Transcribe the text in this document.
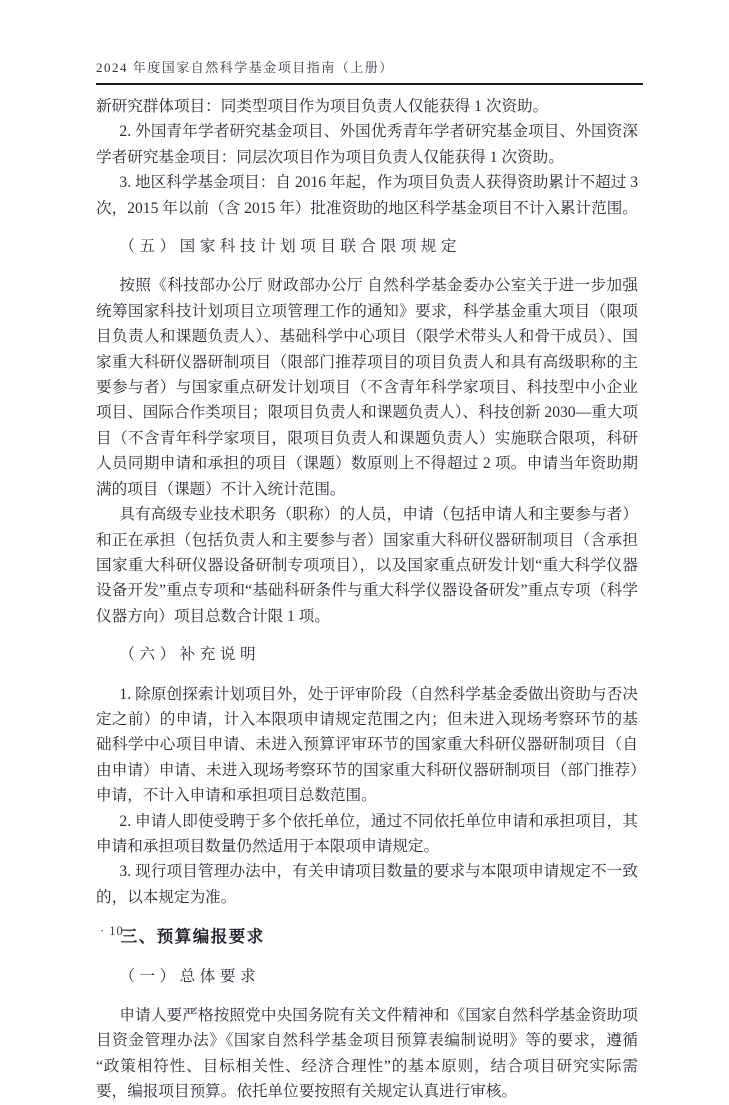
2024 年度国家自然科学基金项目指南（上册）

新研究群体项目：同类型项目作为项目负责人仅能获得 1 次资助。

2. 外国青年学者研究基金项目、外国优秀青年学者研究基金项目、外国资深学者研究基金项目：同层次项目作为项目负责人仅能获得 1 次资助。

3. 地区科学基金项目：自 2016 年起，作为项目负责人获得资助累计不超过 3 次，2015 年以前（含 2015 年）批准资助的地区科学基金项目不计入累计范围。

（五）国家科技计划项目联合限项规定

按照《科技部办公厅 财政部办公厅 自然科学基金委办公室关于进一步加强统筹国家科技计划项目立项管理工作的通知》要求，科学基金重大项目（限项目负责人和课题负责人）、基础科学中心项目（限学术带头人和骨干成员）、国家重大科研仪器研制项目（限部门推荐项目的项目负责人和具有高级职称的主要参与者）与国家重点研发计划项目（不含青年科学家项目、科技型中小企业项目、国际合作类项目；限项目负责人和课题负责人）、科技创新 2030—重大项目（不含青年科学家项目，限项目负责人和课题负责人）实施联合限项，科研人员同期申请和承担的项目（课题）数原则上不得超过 2 项。申请当年资助期满的项目（课题）不计入统计范围。

具有高级专业技术职务（职称）的人员，申请（包括申请人和主要参与者）和正在承担（包括负责人和主要参与者）国家重大科研仪器研制项目（含承担国家重大科研仪器设备研制专项项目），以及国家重点研发计划“重大科学仪器设备开发”重点专项和“基础科研条件与重大科学仪器设备研发”重点专项（科学仪器方向）项目总数合计限 1 项。

（六）补充说明

1. 除原创探索计划项目外，处于评审阶段（自然科学基金委做出资助与否决定之前）的申请，计入本限项申请规定范围之内；但未进入现场考察环节的基础科学中心项目申请、未进入预算评审环节的国家重大科研仪器研制项目（自由申请）申请、未进入现场考察环节的国家重大科研仪器研制项目（部门推荐）申请，不计入申请和承担项目总数范围。

2. 申请人即使受聘于多个依托单位，通过不同依托单位申请和承担项目，其申请和承担项目数量仍然适用于本限项申请规定。

3. 现行项目管理办法中，有关申请项目数量的要求与本限项申请规定不一致的，以本规定为准。

三、预算编报要求

（一）总体要求

申请人要严格按照党中央国务院有关文件精神和《国家自然科学基金资助项目资金管理办法》《国家自然科学基金项目预算表编制说明》等的要求，遵循“政策相符性、目标相关性、经济合理性”的基本原则，结合项目研究实际需要，编报项目预算。依托单位要按照有关规定认真进行审核。

· 10 ·
